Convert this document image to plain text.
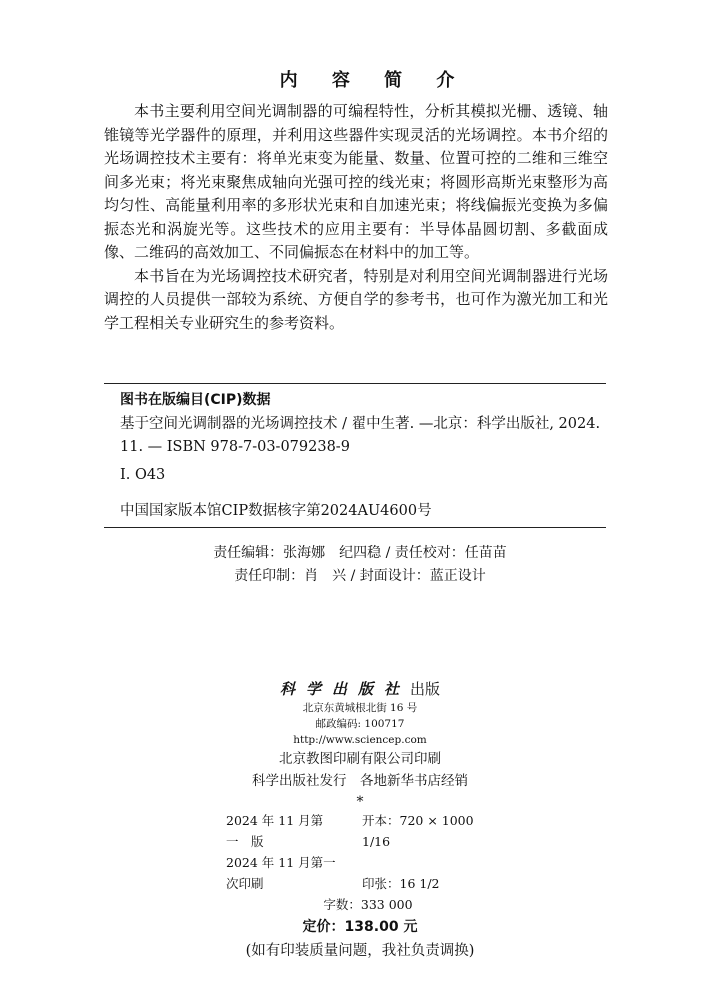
内 容 简 介

本书主要利用空间光调制器的可编程特性，分析其模拟光栅、透镜、轴锥镜等光学器件的原理，并利用这些器件实现灵活的光场调控。本书介绍的光场调控技术主要有：将单光束变为能量、数量、位置可控的二维和三维空间多光束；将光束聚焦成轴向光强可控的线光束；将圆形高斯光束整形为高均匀性、高能量利用率的多形状光束和自加速光束；将线偏振光变换为多偏振态光和涡旋光等。这些技术的应用主要有：半导体晶圆切割、多截面成像、二维码的高效加工、不同偏振态在材料中的加工等。

本书旨在为光场调控技术研究者，特别是对利用空间光调制器进行光场调控的人员提供一部较为系统、方便自学的参考书，也可作为激光加工和光学工程相关专业研究生的参考资料。

图书在版编目(CIP)数据
基于空间光调制器的光场调控技术 / 翟中生著. —北京：科学出版社, 2024. 11. — ISBN 978-7-03-079238-9
Ⅰ. O43
中国国家版本馆CIP数据核字第2024AU4600号
责任编辑：张海娜　纪四稳 / 责任校对：任苗苗
责任印制：肖　兴 / 封面设计：蓝正设计
科学出版社出版
北京东黄城根北街 16 号
邮政编码: 100717
http://www.sciencep.com
北京教图印刷有限公司印刷
科学出版社发行　各地新华书店经销
*
2024 年 11 月第　一　版开本：720 × 1000 1/16
2024 年 11 月第一次印刷	印张：16 1/2
字数：333 000
定价：138.00 元
(如有印装质量问题，我社负责调换)
